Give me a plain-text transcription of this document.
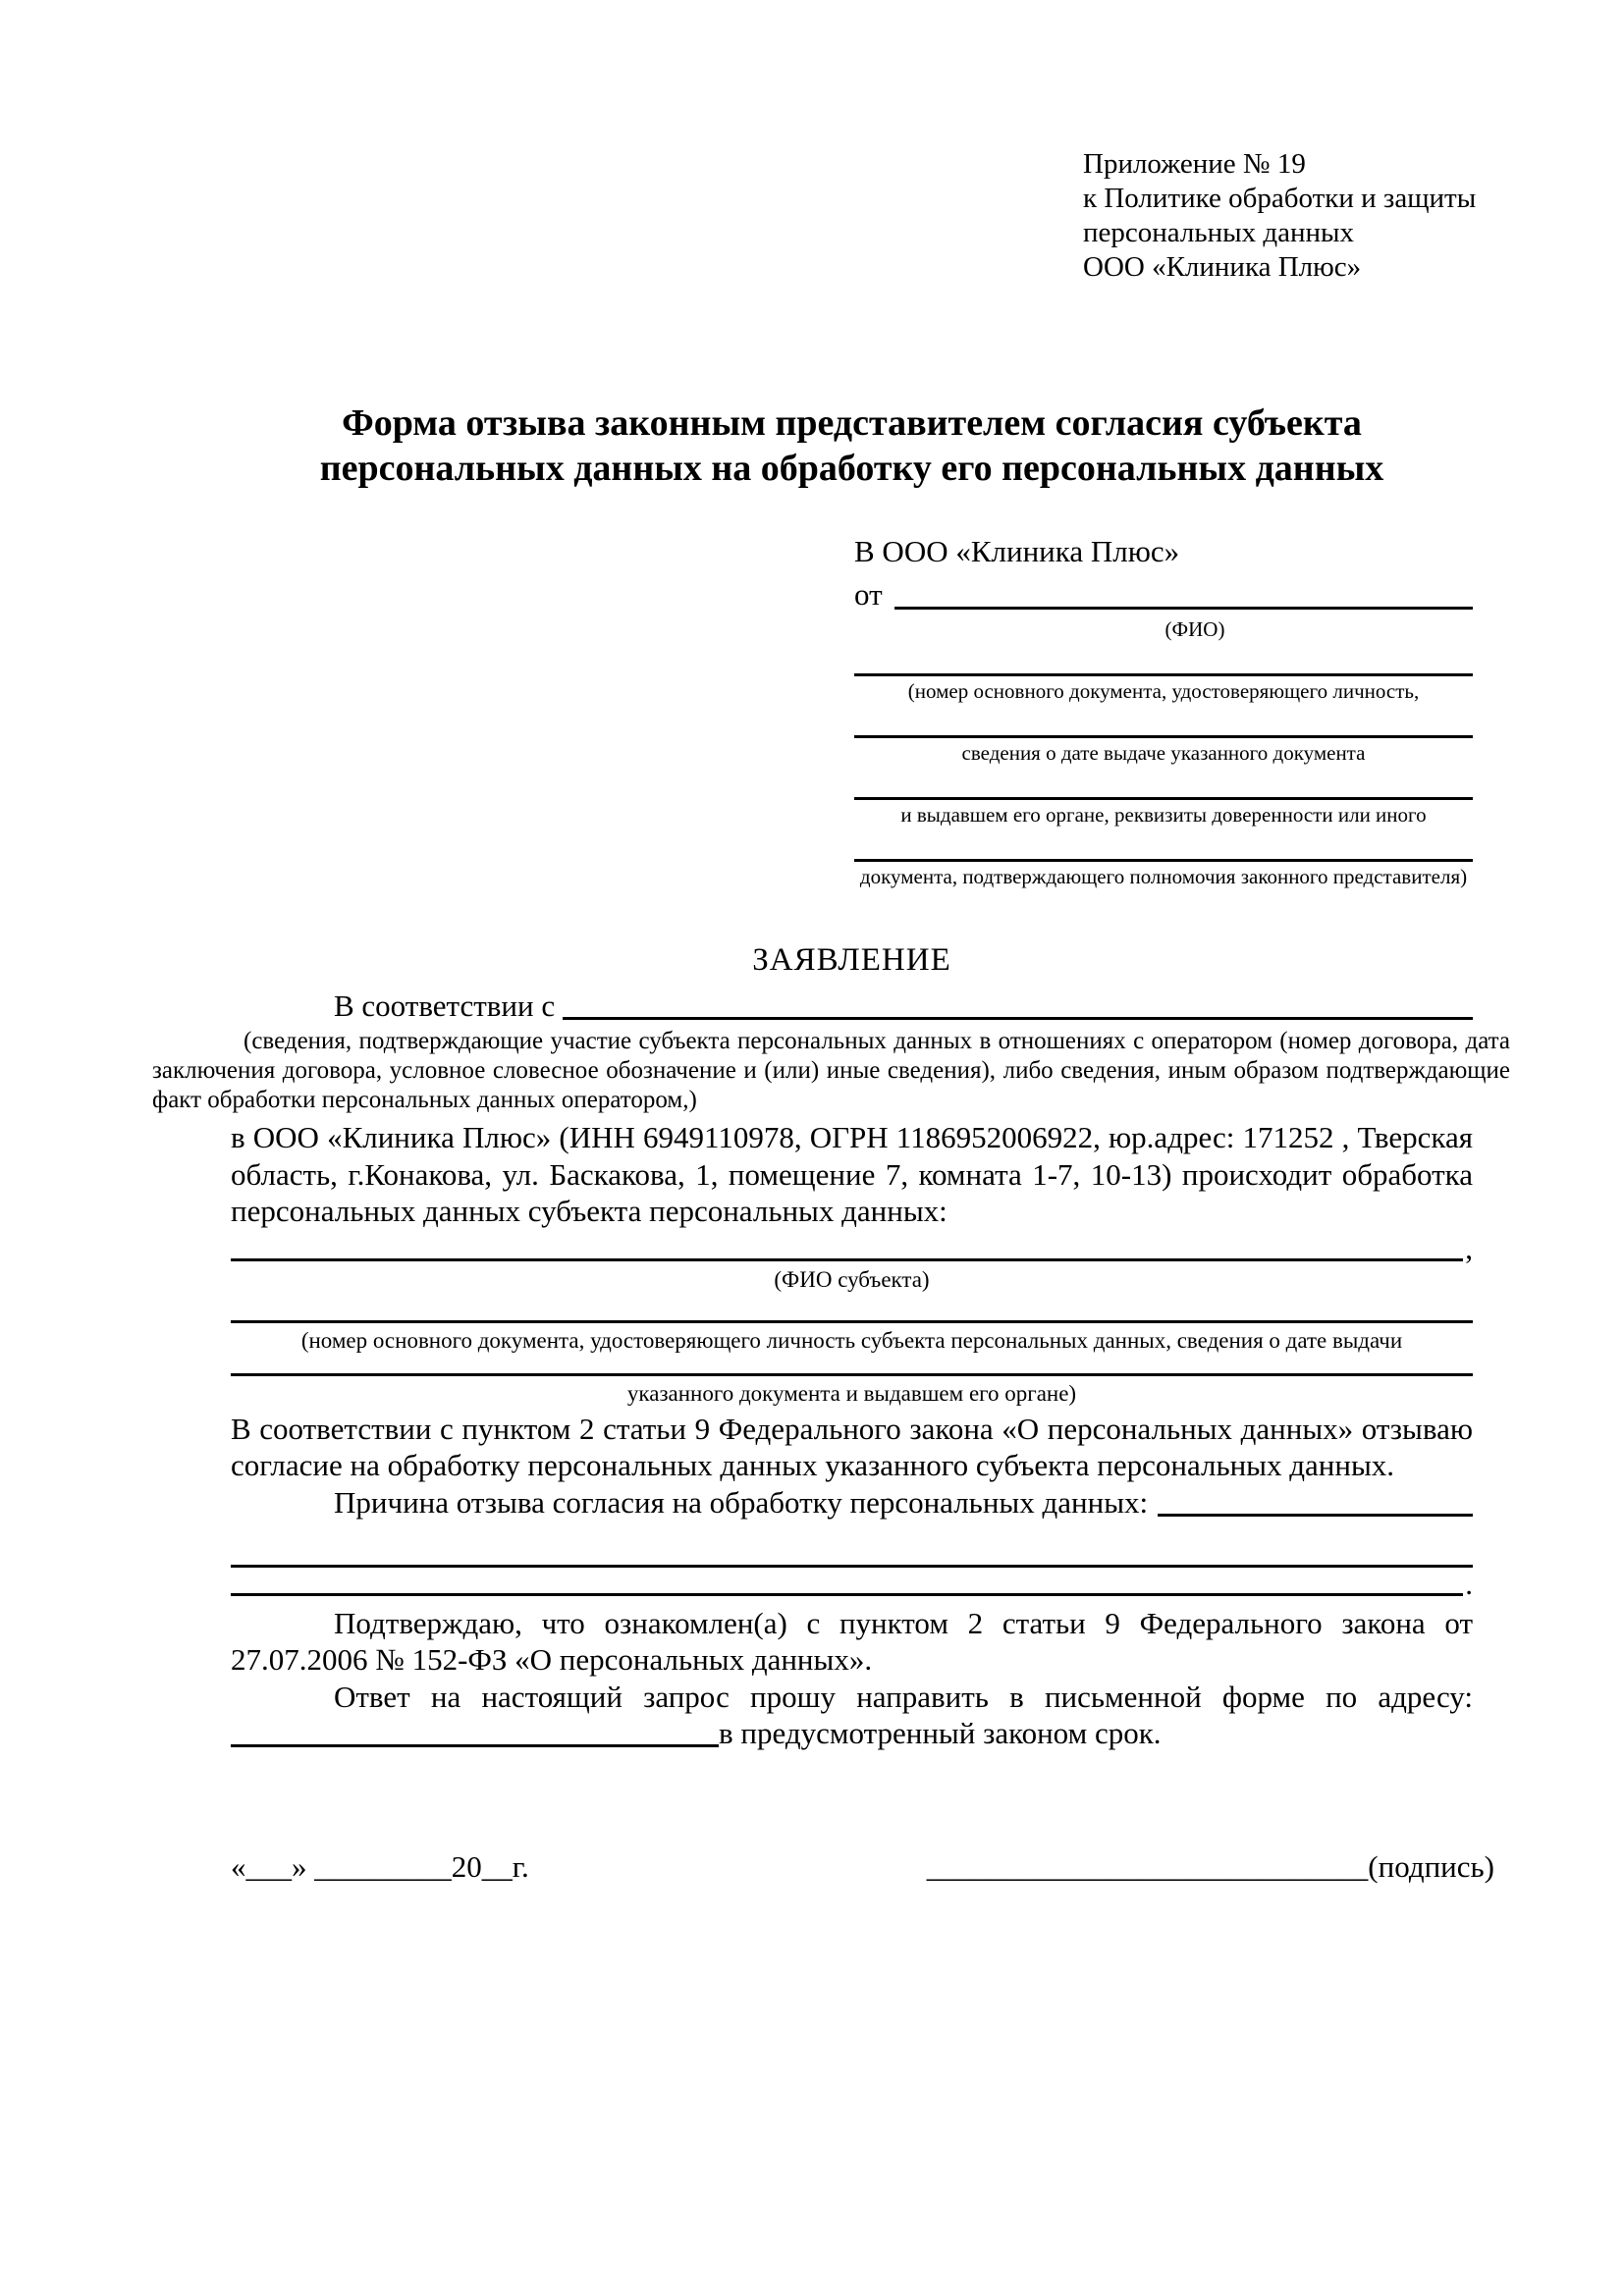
Приложение № 19
к Политике обработки и защиты
персональных данных
ООО «Клиника Плюс»
Форма отзыва законным представителем согласия субъекта персональных данных на обработку его персональных данных
В ООО «Клиника Плюс»
от
(ФИО)
(номер основного документа, удостоверяющего личность,
сведения о дате выдаче указанного документа
и выдавшем его органе, реквизиты доверенности или иного
документа, подтверждающего полномочия законного представителя)
ЗАЯВЛЕНИЕ
В соответствии с
(сведения, подтверждающие участие субъекта персональных данных в отношениях с оператором (номер договора, дата заключения договора, условное словесное обозначение и (или) иные сведения), либо сведения, иным образом подтверждающие факт обработки персональных данных оператором,)
в ООО «Клиника Плюс» (ИНН 6949110978, ОГРН 1186952006922, юр.адрес: 171252 , Тверская область, г.Конакова, ул. Баскакова, 1, помещение 7, комната 1-7, 10-13) происходит обработка персональных данных субъекта персональных данных:
,
(ФИО субъекта)
(номер основного документа, удостоверяющего личность субъекта персональных данных, сведения о дате выдачи
указанного документа и выдавшем его органе)
В соответствии с пунктом 2 статьи 9 Федерального закона «О персональных данных» отзываю согласие на обработку персональных данных указанного субъекта персональных данных.
Причина отзыва согласия на обработку персональных данных:
.
Подтверждаю, что ознакомлен(а) с пунктом 2 статьи 9 Федерального закона от 27.07.2006 № 152-ФЗ «О персональных данных».
Ответ на настоящий запрос прошу направить в письменной форме по адресу:
в предусмотренный законом срок.
«___» _________20__г.	_____________________________(подпись)
